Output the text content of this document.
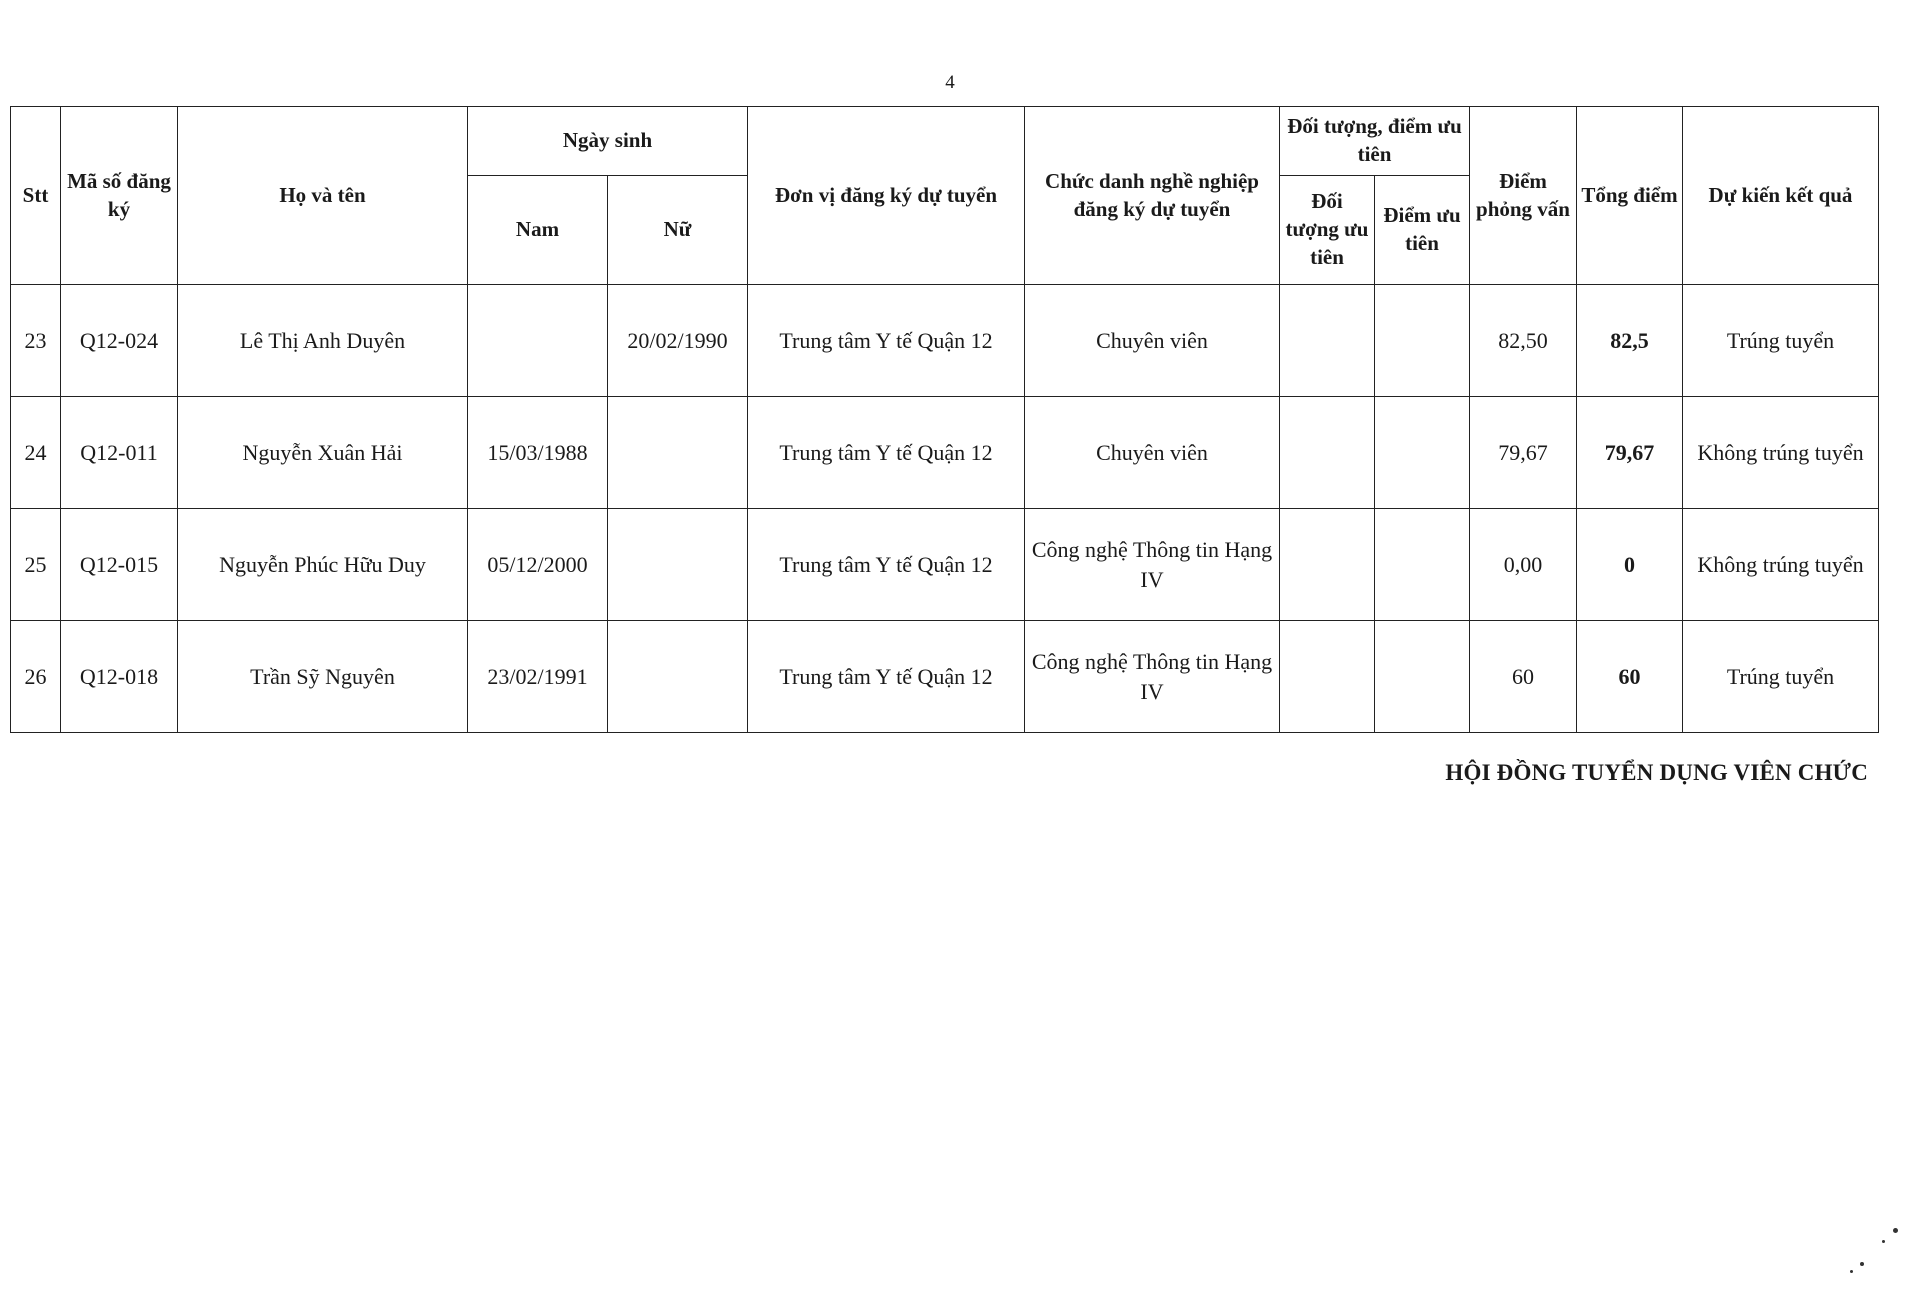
4
Stt	Mã số đăng ký	Họ và tên	Ngày sinh		Đơn vị đăng ký dự tuyển	Chức danh nghề nghiệp đăng ký dự tuyển	Đối tượng, điểm ưu tiên		Điểm phỏng vấn	Tổng điểm	Dự kiến kết quả
			Nam	Nữ			Đối tượng ưu tiên	Điểm ưu tiên			
23	Q12-024	Lê Thị Anh Duyên		20/02/1990	Trung tâm Y tế Quận 12	Chuyên viên			82,50	82,5	Trúng tuyển
24	Q12-011	Nguyễn Xuân Hải	15/03/1988		Trung tâm Y tế Quận 12	Chuyên viên			79,67	79,67	Không trúng tuyển
25	Q12-015	Nguyễn Phúc Hữu Duy	05/12/2000		Trung tâm Y tế Quận 12	Công nghệ Thông tin Hạng IV			0,00	0	Không trúng tuyển
26	Q12-018	Trần Sỹ Nguyên	23/02/1991		Trung tâm Y tế Quận 12	Công nghệ Thông tin Hạng IV			60	60	Trúng tuyển
HỘI ĐỒNG TUYỂN DỤNG VIÊN CHỨC
